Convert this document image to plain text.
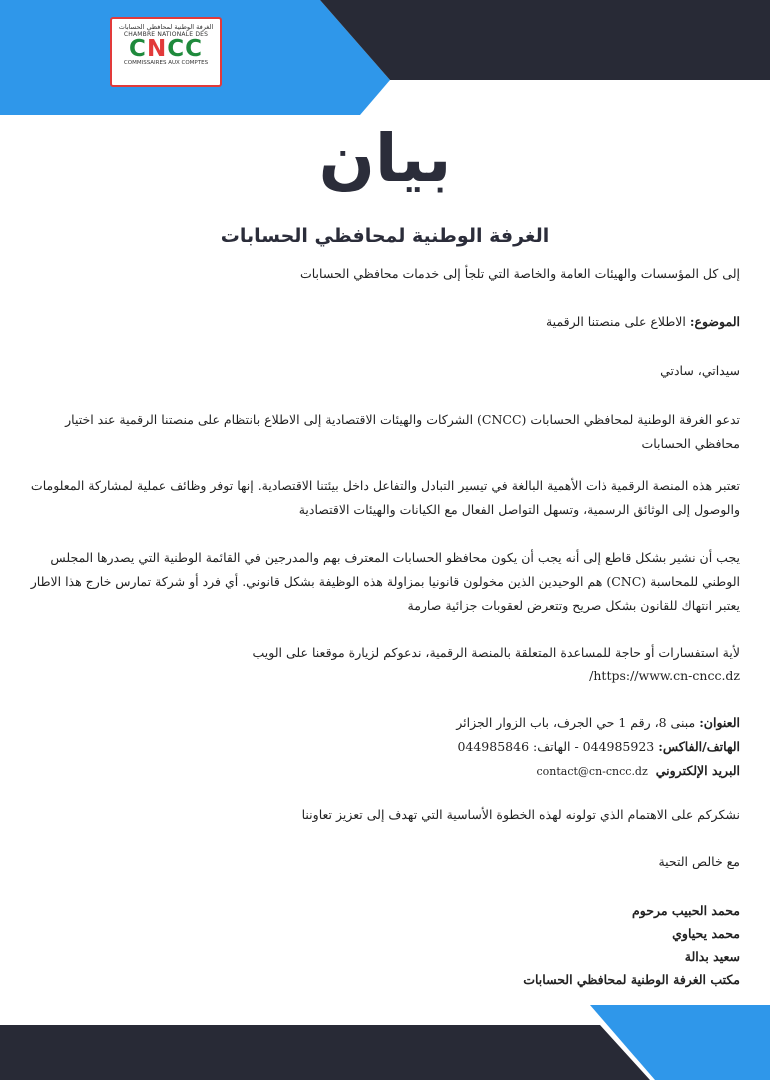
الغرفة الوطنية لمحافظي الحسابات
CHAMBRE NATIONALE DES
CNCC
COMMISSAIRES AUX COMPTES
بيان
الغرفة الوطنية لمحافظي الحسابات
إلى كل المؤسسات والهيئات العامة والخاصة التي تلجأ إلى خدمات محافظي الحسابات
الموضوع: الاطلاع على منصتنا الرقمية
سيداتي، سادتي
تدعو الغرفة الوطنية لمحافظي الحسابات (CNCC) الشركات والهيئات الاقتصادية إلى الاطلاع بانتظام على منصتنا الرقمية عند اختيار محافظي الحسابات
تعتبر هذه المنصة الرقمية ذات الأهمية البالغة في تيسير التبادل والتفاعل داخل بيئتنا الاقتصادية. إنها توفر وظائف عملية لمشاركة المعلومات والوصول إلى الوثائق الرسمية، وتسهل التواصل الفعال مع الكيانات والهيئات الاقتصادية
يجب أن نشير بشكل قاطع إلى أنه يجب أن يكون محافظو الحسابات المعترف بهم والمدرجين في القائمة الوطنية التي يصدرها المجلس الوطني للمحاسبة (CNC) هم الوحيدين الذين مخولون قانونيا بمزاولة هذه الوظيفة بشكل قانوني. أي فرد أو شركة تمارس خارج هذا الاطار يعتبر انتهاك للقانون بشكل صريح وتتعرض لعقوبات جزائية صارمة
لأية استفسارات أو حاجة للمساعدة المتعلقة بالمنصة الرقمية، ندعوكم لزيارة موقعنا على الويب
https://www.cn-cncc.dz/
العنوان: مبنى 8، رقم 1 حي الجرف، باب الزوار الجزائر
الهاتف/الفاكس: 044985923 - الهاتف: 044985846
البريد الإلكتروني  contact@cn-cncc.dz
نشكركم على الاهتمام الذي تولونه لهذه الخطوة الأساسية التي تهدف إلى تعزيز تعاوننا
مع خالص التحية
محمد الحبيب مرحوم
محمد يحياوي
سعيد بدالة
مكتب الغرفة الوطنية لمحافظي الحسابات
